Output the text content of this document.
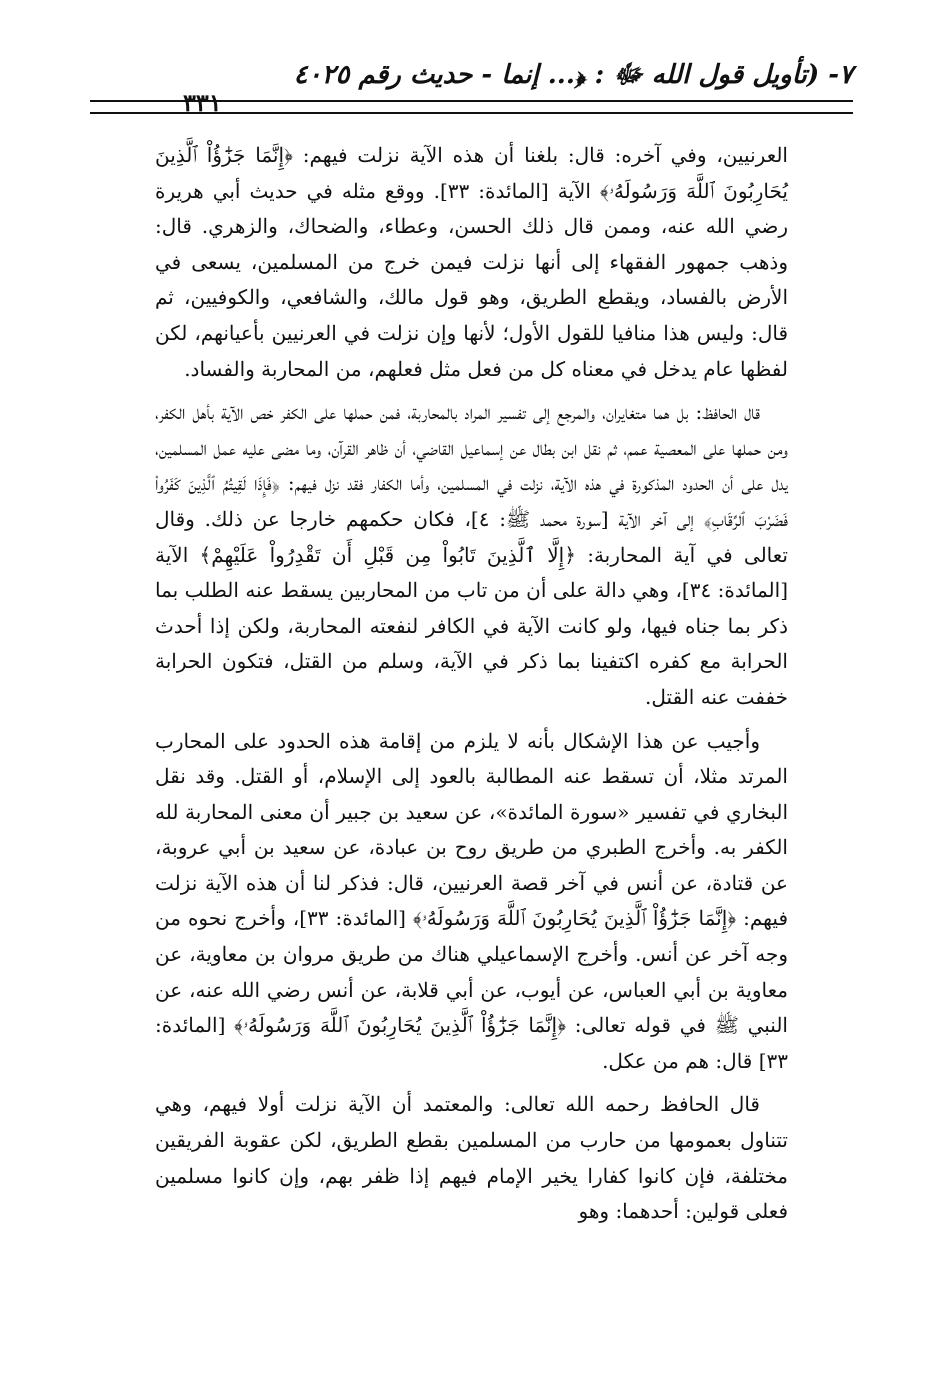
٧- (تأويل قول الله ﷻ : ﴿... إنما - حديث رقم ٤٠٢٥
٣٣١

العرنيين، وفي آخره: قال: بلغنا أن هذه الآية نزلت فيهم: ﴿إِنَّمَا جَزَٰٓؤُاْ ٱلَّذِينَ يُحَارِبُونَ ٱللَّهَ وَرَسُولَهُۥ﴾ الآية [المائدة: ٣٣]. ووقع مثله في حديث أبي هريرة رضي الله عنه، وممن قال ذلك الحسن، وعطاء، والضحاك، والزهري. قال: وذهب جمهور الفقهاء إلى أنها نزلت فيمن خرج من المسلمين، يسعى في الأرض بالفساد، ويقطع الطريق، وهو قول مالك، والشافعي، والكوفيين، ثم قال: وليس هذا منافيا للقول الأول؛ لأنها وإن نزلت في العرنيين بأعيانهم، لكن لفظها عام يدخل في معناه كل من فعل مثل فعلهم، من المحاربة والفساد.

قال الحافظ: بل هما متغايران، والمرجع إلى تفسير المراد بالمحاربة، فمن حملها على الكفر خص الآية بأهل الكفر، ومن حملها على المعصية عمم، ثم نقل ابن بطال عن إسماعيل القاضي، أن ظاهر القرآن، وما مضى عليه عمل المسلمين، يدل على أن الحدود المذكورة في هذه الآية، نزلت في المسلمين، وأما الكفار فقد نزل فيهم: ﴿فَإِذَا لَقِيتُمُ ٱلَّذِينَ كَفَرُواْ فَضَرْبَ ٱلرِّقَابِ﴾ إلى آخر الآية [سورة محمد ﷺ: ٤]، فكان حكمهم خارجا عن ذلك. وقال تعالى في آية المحاربة: ﴿إِلَّا ٱلَّذِينَ تَابُواْ مِن قَبْلِ أَن تَقْدِرُواْ عَلَيْهِمْ﴾ الآية [المائدة: ٣٤]، وهي دالة على أن من تاب من المحاربين يسقط عنه الطلب بما ذكر بما جناه فيها، ولو كانت الآية في الكافر لنفعته المحاربة، ولكن إذا أحدث الحرابة مع كفره اكتفينا بما ذكر في الآية، وسلم من القتل، فتكون الحرابة خففت عنه القتل.

وأجيب عن هذا الإشكال بأنه لا يلزم من إقامة هذه الحدود على المحارب المرتد مثلا، أن تسقط عنه المطالبة بالعود إلى الإسلام، أو القتل. وقد نقل البخاري في تفسير «سورة المائدة»، عن سعيد بن جبير أن معنى المحاربة لله الكفر به. وأخرج الطبري من طريق روح بن عبادة، عن سعيد بن أبي عروبة، عن قتادة، عن أنس في آخر قصة العرنيين، قال: فذكر لنا أن هذه الآية نزلت فيهم: ﴿إِنَّمَا جَزَٰٓؤُاْ ٱلَّذِينَ يُحَارِبُونَ ٱللَّهَ وَرَسُولَهُۥ﴾ [المائدة: ٣٣]، وأخرج نحوه من وجه آخر عن أنس. وأخرج الإسماعيلي هناك من طريق مروان بن معاوية، عن معاوية بن أبي العباس، عن أيوب، عن أبي قلابة، عن أنس رضي الله عنه، عن النبي ﷺ في قوله تعالى: ﴿إِنَّمَا جَزَٰٓؤُاْ ٱلَّذِينَ يُحَارِبُونَ ٱللَّهَ وَرَسُولَهُۥ﴾ [المائدة: ٣٣] قال: هم من عكل.

قال الحافظ رحمه الله تعالى: والمعتمد أن الآية نزلت أولا فيهم، وهي تتناول بعمومها من حارب من المسلمين بقطع الطريق، لكن عقوبة الفريقين مختلفة، فإن كانوا كفارا يخير الإمام فيهم إذا ظفر بهم، وإن كانوا مسلمين فعلى قولين: أحدهما: وهو
